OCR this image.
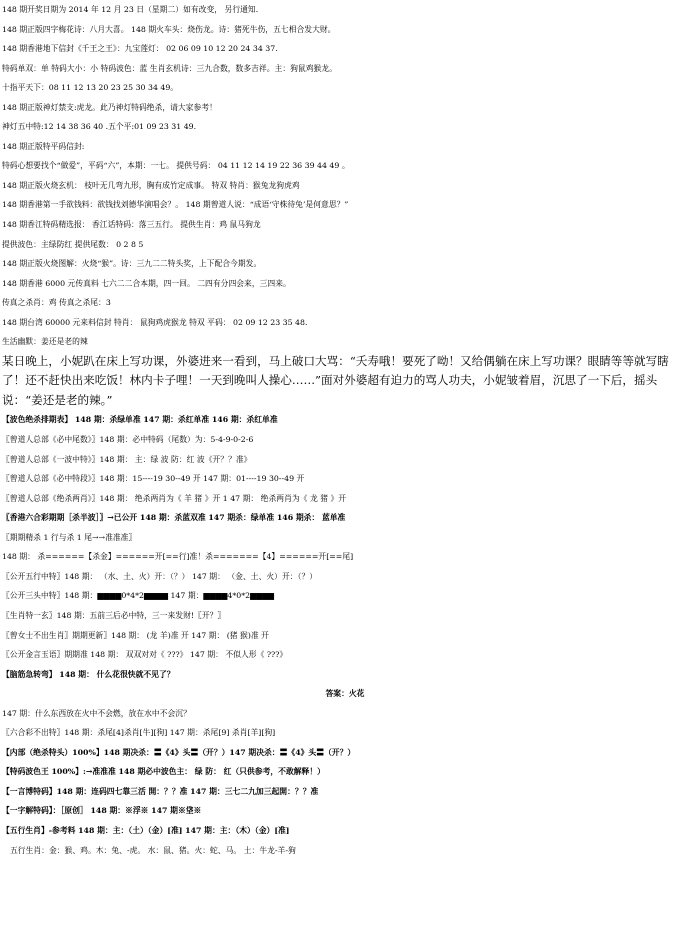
148 期开奖日期为 2014 年 12 月 23 日（星期二）如有改变， 另行通知.
148 期正版四字梅花诗：八月大喜。 148 期火车头：烧伤龙。诗：猪死牛伤，五七相合发大财。
148 期香港地下信封《千王之王》：九宝莲灯： 02 06 09 10 12 20 24 34 37.
特码单双：单 特码大小：小 特码波色：蓝 生肖玄机诗：三九合数，数多吉祥。主：狗鼠鸡猴龙。
十指平天下：08 11 12 13 20 23 25 30 34 49。
148 期正版神灯禁支:虎龙。此乃神灯特码绝杀，请大家参考！
神灯五中特:12 14 38 36 40 .五个平:01 09 23 31 49.
148 期正版特平码信封:
特码心想要找个“做爱”，平码“六”，本期：一七。 提供号码： 04 11 12 14 19 22 36 39 44 49 。
148 期正版火烧玄机： 枝叶无几弯九形，胸有成竹定成事。 特双 特肖：猴兔龙狗虎鸡
148 期香港第一手欲钱料：欲钱找刘德华演唱会？。 148 期曾道人说：“成语‘守株待兔’是何意思？”
148 期香江特码精选报： 香江话特码：落三五行。 提供生肖：鸡 鼠马狗龙
提供波色：主绿防红 提供尾数： 0 2 8 5
148 期正版火烧图解：火烧“猴”。诗：三九二二特头奖，上下配合今期发。
148 期香港 6000 元传真料 七六二二合本期，四一回。 二四有分四会来，三四来。
传真之杀肖：鸡 传真之杀尾：3
148 期台湾 60000 元来料信封 特肖： 鼠狗鸡虎猴龙 特双 平码： 02 09 12 23 35 48.
生活幽默：姜还是老的辣
某日晚上，小妮趴在床上写功课，外婆进来一看到，马上破口大骂：“夭寿哦！要死了呦！又给偶躺在床上写功课？眼睛等等就写瞎了！还不赶快出来吃饭！林内卡子哩！一天到晚叫人操心……”面对外婆超有迫力的骂人功夫，小妮皱着眉，沉思了一下后，摇头说：“姜还是老的辣。”
【波色绝杀排期表】 148 期：杀绿单准 147 期：杀红单准 146 期：杀红单准
〖曾道人总部《必中尾数》〗148 期：必中特码（尾数）为：5-4-9-0-2-6
〖曾道人总部《一波中特》〗148 期： 主：绿 波 防：红 波《开？？准》
〖曾道人总部《必中特段》〗148 期：15----19 30--49 开 147 期：01----19 30--49 开
〖曾道人总部《绝杀两肖》〗148 期： 绝杀两肖为《 羊 猪 》开 1 47 期： 绝杀两肖为《 龙 猪 》开
〖香港六合彩期期［杀半波］〗→已公开 148 期：杀蓝双准 147 期杀：绿单准 146 期杀： 蓝单准
〖期期精杀 1 行与杀 1 尾→→准准准〗
148 期： 杀======【杀金】======开[==行]准！杀=======【4】======开[==尾]
〖公开五行中特〗148 期： （水、土、火）开：（？） 147 期： （金、土、火）开：（？）
〖公开三头中特〗148 期：▆▆▆▆0*4*2▆▆▆▆ 147 期：▆▆▆▆4*0*2▆▆▆▆
〖生肖特一玄〗148 期：五前三后必中特，三一来发财!〖开？〗
〖曾女士不出生肖〗期期更新〗148 期： (龙 羊)准 开 147 期： (猪 猴)准 开
〖公开金言玉语〗期期准 148 期： 双双对对《 ???》 147 期： 不似人形《 ???》
【脑筋急转弯】 148 期： 什么花很快就不见了？
答案：火花
147 期：什么东西放在火中不会燃，放在水中不会沉？
〖六合彩不出特〗148 期：杀尾[4]杀肖[牛][狗] 147 期：杀尾[9] 杀肖[羊][狗]
【内部（绝杀特头）100%】148 期决杀：〓《4》头〓（开？）147 期决杀：〓《4》头〓（开？）
【特码波色王 100%】:→准准准 148 期必中波色主： 绿 防： 红（只供参考，不敢解释！）
【一言博特码】148 期：连码四七靠三活 開：？？准 147 期：三七二九加三起開：？？准
【一字解特码】：［原创］ 148 期：※浮※ 147 期※垡※
【五行生肖】-参考料 148 期：主：（土）（金）[准] 147 期：主：（木）（金）[准]
五行生肖：金：猴、鸡。木：兔、-虎。 水：鼠、猪。火：蛇、马。 土：牛龙-羊-狗
